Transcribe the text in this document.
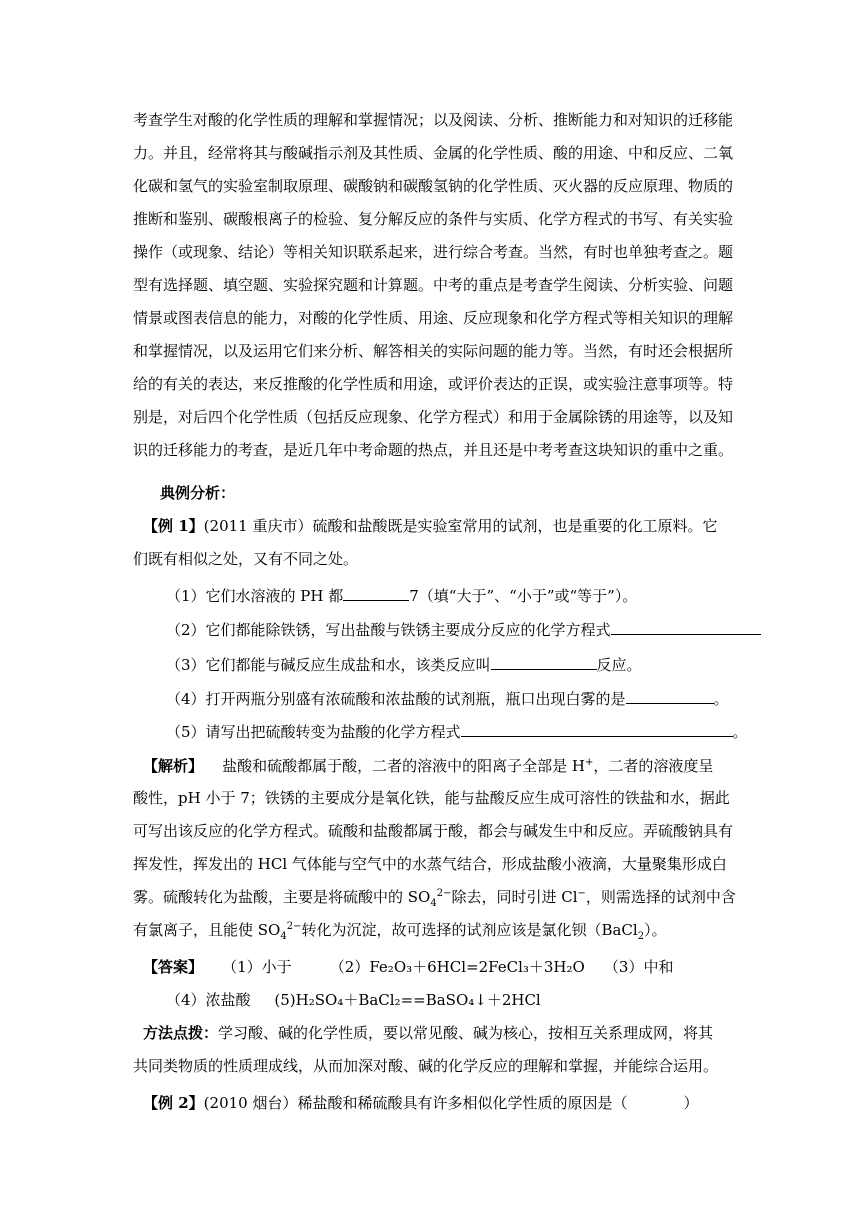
考查学生对酸的化学性质的理解和掌握情况；以及阅读、分析、推断能力和对知识的迁移能
力。并且，经常将其与酸碱指示剂及其性质、金属的化学性质、酸的用途、中和反应、二氧
化碳和氢气的实验室制取原理、碳酸钠和碳酸氢钠的化学性质、灭火器的反应原理、物质的
推断和鉴别、碳酸根离子的检验、复分解反应的条件与实质、化学方程式的书写、有关实验
操作（或现象、结论）等相关知识联系起来，进行综合考查。当然，有时也单独考查之。题
型有选择题、填空题、实验探究题和计算题。中考的重点是考查学生阅读、分析实验、问题
情景或图表信息的能力，对酸的化学性质、用途、反应现象和化学方程式等相关知识的理解
和掌握情况，以及运用它们来分析、解答相关的实际问题的能力等。当然，有时还会根据所
给的有关的表达，来反推酸的化学性质和用途，或评价表达的正误，或实验注意事项等。特
别是，对后四个化学性质（包括反应现象、化学方程式）和用于金属除锈的用途等，以及知
识的迁移能力的考查，是近几年中考命题的热点，并且还是中考考查这块知识的重中之重。
典例分析：
【例 1】(2011 重庆市）硫酸和盐酸既是实验室常用的试剂，也是重要的化工原料。它
们既有相似之处，又有不同之处。
（1）它们水溶液的 PH 都	7（填“大于”、“小于”或“等于”）。
（2）它们都能除铁锈，写出盐酸与铁锈主要成分反应的化学方程式
（3）它们都能与碱反应生成盐和水，该类反应叫	反应。
（4）打开两瓶分别盛有浓硫酸和浓盐酸的试剂瓶，瓶口出现白雾的是	。
（5）请写出把硫酸转变为盐酸的化学方程式	。
【解析】 盐酸和硫酸都属于酸，二者的溶液中的阳离子全部是 H+，二者的溶液度呈
酸性，pH 小于 7；铁锈的主要成分是氧化铁，能与盐酸反应生成可溶性的铁盐和水，据此
可写出该反应的化学方程式。硫酸和盐酸都属于酸，都会与碱发生中和反应。弄硫酸钠具有
挥发性，挥发出的 HCl 气体能与空气中的水蒸气结合，形成盐酸小液滴，大量聚集形成白
雾。硫酸转化为盐酸，主要是将硫酸中的 $SO_4^{2-}$除去，同时引进 Cl−，则需选择的试剂中含
有氯离子，且能使 $SO_4^{2-}$转化为沉淀，故可选择的试剂应该是氯化钡（BaCl$_2$）。
【答案】 （1）小于	（2）Fe₂O₃＋6HCl=2FeCl₃＋3H₂O （3）中和
（4）浓盐酸 (5)H₂SO₄＋BaCl₂==BaSO₄↓＋2HCl
方法点拨：学习酸、碱的化学性质，要以常见酸、碱为核心，按相互关系理成网，将其
共同类物质的性质理成线，从而加深对酸、碱的化学反应的理解和掌握，并能综合运用。
【例 2】(2010 烟台）稀盐酸和稀硫酸具有许多相似化学性质的原因是（	）
